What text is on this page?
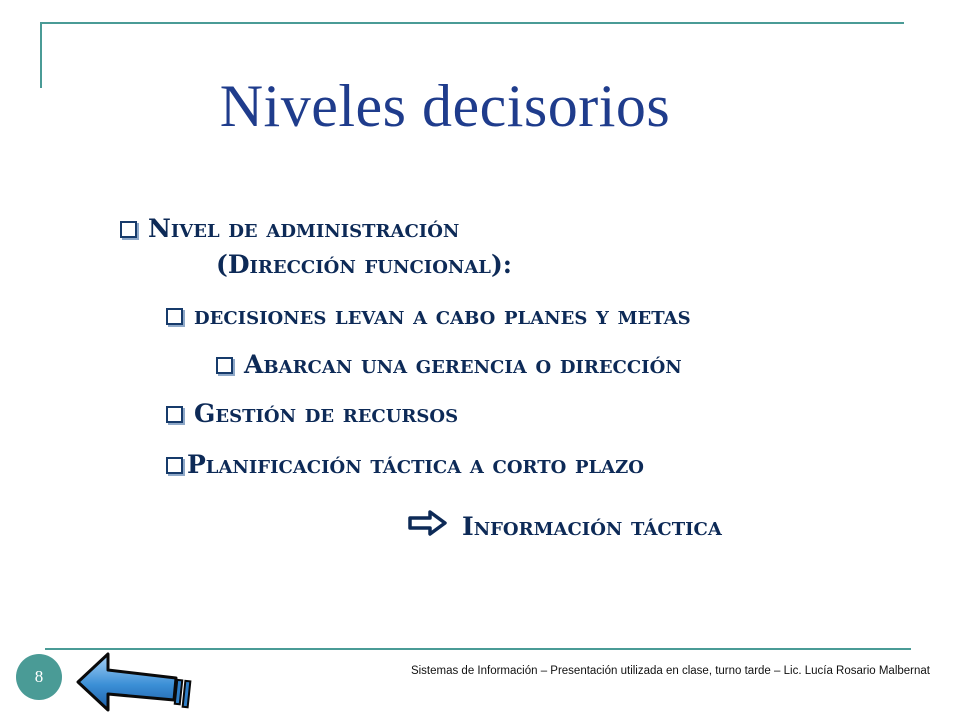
Niveles decisorios
Nivel de administración
(Dirección funcional):
decisiones levan a cabo planes y metas
Abarcan una gerencia o dirección
Gestión de recursos
Planificación táctica a corto plazo
Información táctica
8	Sistemas de Información – Presentación utilizada en clase, turno tarde – Lic. Lucía Rosario Malbernat
